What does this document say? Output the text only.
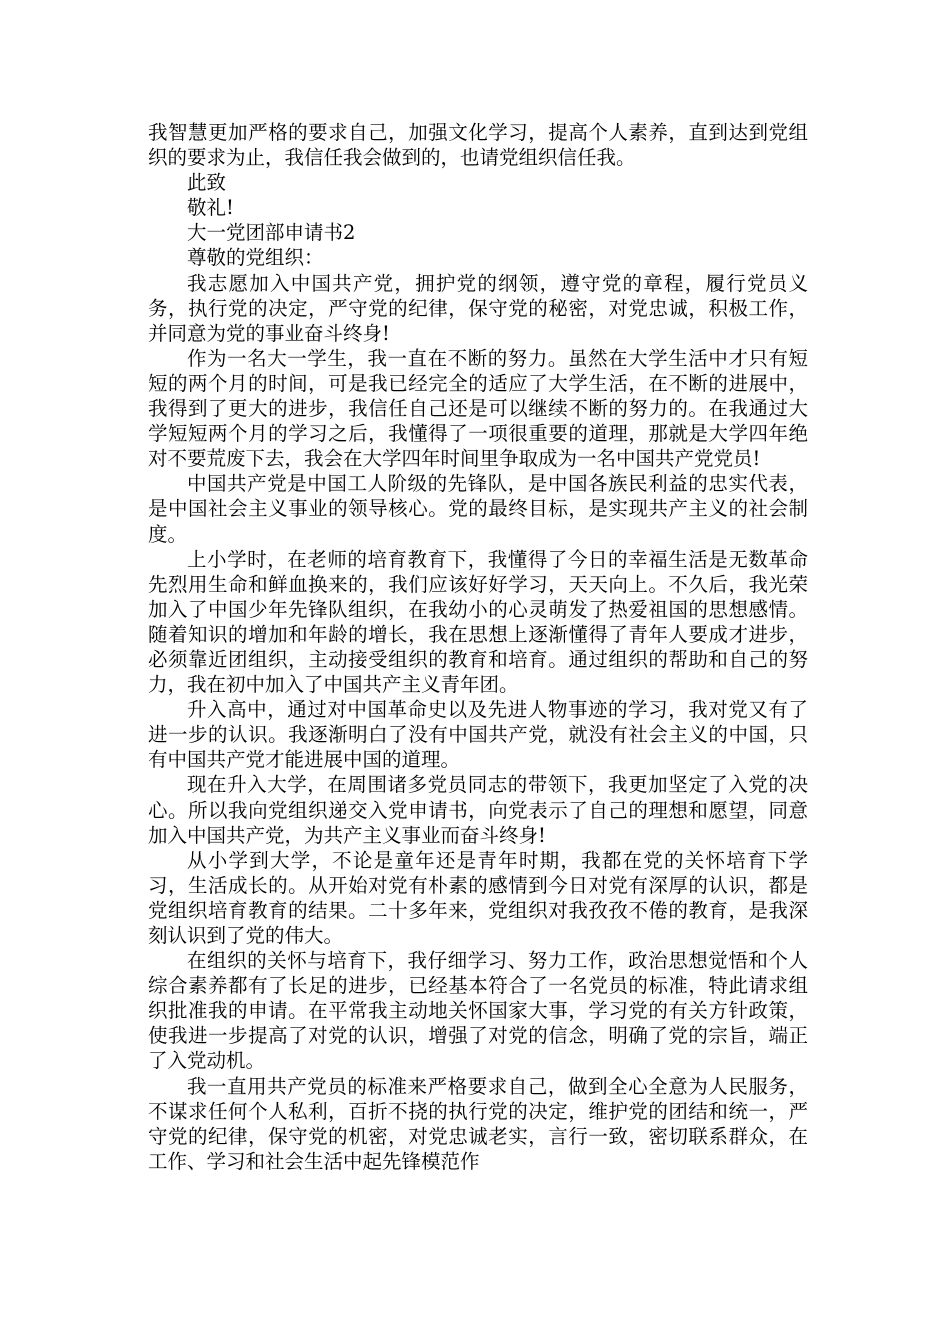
我智慧更加严格的要求自己，加强文化学习，提高个人素养，直到达到党组织的要求为止，我信任我会做到的，也请党组织信任我。

此致

敬礼!

大一党团部申请书2

尊敬的党组织：

我志愿加入中国共产党，拥护党的纲领，遵守党的章程，履行党员义务，执行党的决定，严守党的纪律，保守党的秘密，对党忠诚，积极工作，并同意为党的事业奋斗终身!

作为一名大一学生，我一直在不断的努力。虽然在大学生活中才只有短短的两个月的时间，可是我已经完全的适应了大学生活，在不断的进展中，我得到了更大的进步，我信任自己还是可以继续不断的努力的。在我通过大学短短两个月的学习之后，我懂得了一项很重要的道理，那就是大学四年绝对不要荒废下去，我会在大学四年时间里争取成为一名中国共产党党员!

中国共产党是中国工人阶级的先锋队，是中国各族民利益的忠实代表，是中国社会主义事业的领导核心。党的最终目标，是实现共产主义的社会制度。

上小学时，在老师的培育教育下，我懂得了今日的幸福生活是无数革命先烈用生命和鲜血换来的，我们应该好好学习，天天向上。不久后，我光荣加入了中国少年先锋队组织，在我幼小的心灵萌发了热爱祖国的思想感情。随着知识的增加和年龄的增长，我在思想上逐渐懂得了青年人要成才进步，必须靠近团组织，主动接受组织的教育和培育。通过组织的帮助和自己的努力，我在初中加入了中国共产主义青年团。

升入高中，通过对中国革命史以及先进人物事迹的学习，我对党又有了进一步的认识。我逐渐明白了没有中国共产党，就没有社会主义的中国，只有中国共产党才能进展中国的道理。

现在升入大学，在周围诸多党员同志的带领下，我更加坚定了入党的决心。所以我向党组织递交入党申请书，向党表示了自己的理想和愿望，同意加入中国共产党，为共产主义事业而奋斗终身!

从小学到大学，不论是童年还是青年时期，我都在党的关怀培育下学习，生活成长的。从开始对党有朴素的感情到今日对党有深厚的认识，都是党组织培育教育的结果。二十多年来，党组织对我孜孜不倦的教育，是我深刻认识到了党的伟大。

在组织的关怀与培育下，我仔细学习、努力工作，政治思想觉悟和个人综合素养都有了长足的进步，已经基本符合了一名党员的标准，特此请求组织批准我的申请。在平常我主动地关怀国家大事，学习党的有关方针政策，使我进一步提高了对党的认识，增强了对党的信念，明确了党的宗旨，端正了入党动机。

我一直用共产党员的标准来严格要求自己，做到全心全意为人民服务，不谋求任何个人私利，百折不挠的执行党的决定，维护党的团结和统一，严守党的纪律，保守党的机密，对党忠诚老实，言行一致，密切联系群众，在工作、学习和社会生活中起先锋模范作
